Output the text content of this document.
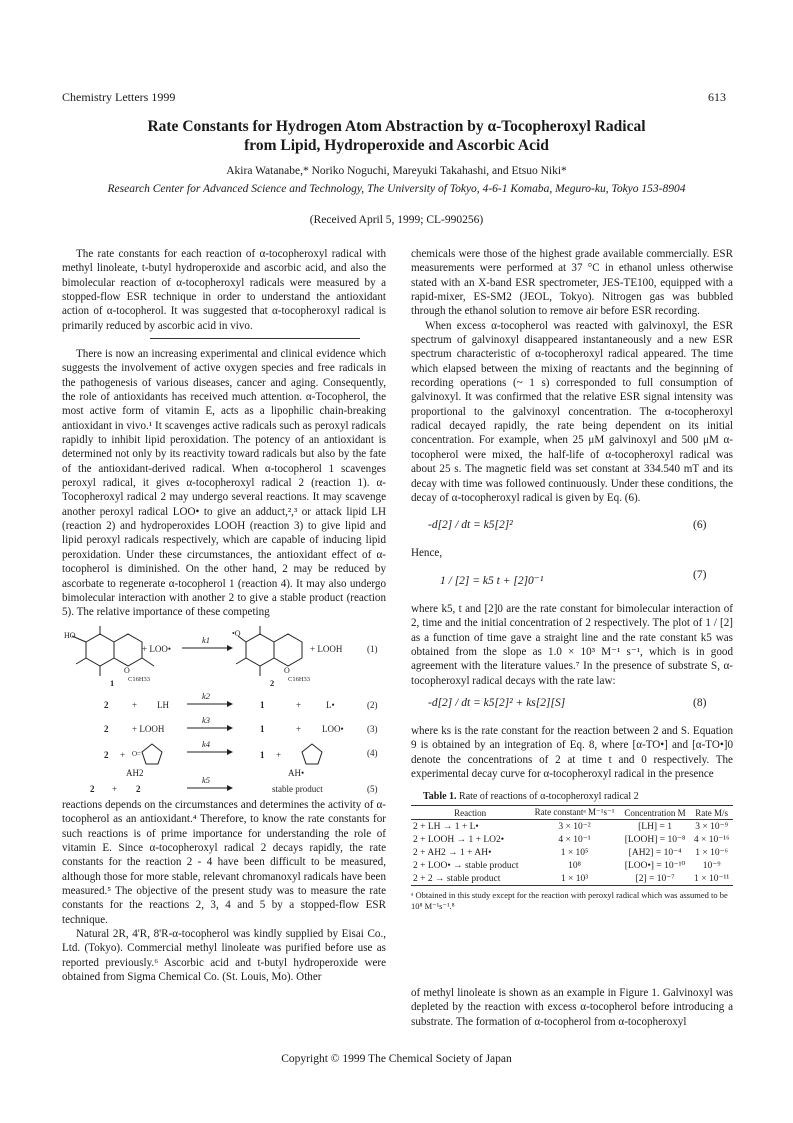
Chemistry Letters 1999	613
Rate Constants for Hydrogen Atom Abstraction by α-Tocopheroxyl Radical
from Lipid, Hydroperoxide and Ascorbic Acid
Akira Watanabe,* Noriko Noguchi, Mareyuki Takahashi, and Etsuo Niki*
Research Center for Advanced Science and Technology, The University of Tokyo, 4-6-1 Komaba, Meguro-ku, Tokyo 153-8904
(Received April 5, 1999; CL-990256)

The rate constants for each reaction of α-tocopheroxyl radical with methyl linoleate, t-butyl hydroperoxide and ascorbic acid, and also the bimolecular reaction of α-tocopheroxyl radicals were measured by a stopped-flow ESR technique in order to understand the antioxidant action of α-tocopherol. It was suggested that α-tocopheroxyl radical is primarily reduced by ascorbic acid in vivo.

There is now an increasing experimental and clinical evidence which suggests the involvement of active oxygen species and free radicals in the pathogenesis of various diseases, cancer and aging. Consequently, the role of antioxidants has received much attention. α-Tocopherol, the most active form of vitamin E, acts as a lipophilic chain-breaking antioxidant in vivo.¹ It scavenges active radicals such as peroxyl radicals rapidly to inhibit lipid peroxidation. The potency of an antioxidant is determined not only by its reactivity toward radicals but also by the fate of the antioxidant-derived radical. When α-tocopherol 1 scavenges peroxyl radical, it gives α-tocopheroxyl radical 2 (reaction 1). α-Tocopheroxyl radical 2 may undergo several reactions. It may scavenge another peroxyl radical LOO• to give an adduct,²,³ or attack lipid LH (reaction 2) and hydroperoxides LOOH (reaction 3) to give lipid and lipid peroxyl radicals respectively, which are capable of inducing lipid peroxidation. Under these circumstances, the antioxidant effect of α-tocopherol is diminished. On the other hand, 2 may be reduced by ascorbate to regenerate α-tocopherol 1 (reaction 4). It may also undergo bimolecular interaction with another 2 to give a stable product (reaction 5). The relative importance of these competing

HO
O
C16H33
1
+ LOO•
k1
•O
O
C16H33
2
+ LOOH	(1)
2	+ LH
k2
1	+	L•	(2)
2	+ LOOH
k3
1	+ LOO•	(3)
2 + O=
AH2
k4
1 +
AH•
(4)
2 + 2
k5
stable product	(5)

reactions depends on the circumstances and determines the activity of α-tocopherol as an antioxidant.⁴ Therefore, to know the rate constants for such reactions is of prime importance for understanding the role of vitamin E. Since α-tocopheroxyl radical 2 decays rapidly, the rate constants for the reaction 2 - 4 have been difficult to be measured, although those for more stable, relevant chromanoxyl radicals have been measured.⁵ The objective of the present study was to measure the rate constants for the reactions 2, 3, 4 and 5 by a stopped-flow ESR technique.

Natural 2R, 4'R, 8'R-α-tocopherol was kindly supplied by Eisai Co., Ltd. (Tokyo). Commercial methyl linoleate was purified before use as reported previously.⁶ Ascorbic acid and t-butyl hydroperoxide were obtained from Sigma Chemical Co. (St. Louis, Mo). Other

chemicals were those of the highest grade available commercially. ESR measurements were performed at 37 °C in ethanol unless otherwise stated with an X-band ESR spectrometer, JES-TE100, equipped with a rapid-mixer, ES-SM2 (JEOL, Tokyo). Nitrogen gas was bubbled through the ethanol solution to remove air before ESR recording.

When excess α-tocopherol was reacted with galvinoxyl, the ESR spectrum of galvinoxyl disappeared instantaneously and a new ESR spectrum characteristic of α-tocopheroxyl radical appeared. The time which elapsed between the mixing of reactants and the beginning of recording operations (~ 1 s) corresponded to full consumption of galvinoxyl. It was confirmed that the relative ESR signal intensity was proportional to the galvinoxyl concentration. The α-tocopheroxyl radical decayed rapidly, the rate being dependent on its initial concentration. For example, when 25 μM galvinoxyl and 500 μM α-tocopherol were mixed, the half-life of α-tocopheroxyl radical was about 25 s. The magnetic field was set constant at 334.540 mT and its decay with time was followed continuously. Under these conditions, the decay of α-tocopheroxyl radical is given by Eq. (6).

-d[2] / dt = k5[2]²	(6)
Hence,
1 / [2] = k5 t + [2]0⁻¹	(7)

where k5, t and [2]0 are the rate constant for bimolecular interaction of 2, time and the initial concentration of 2 respectively. The plot of 1 / [2] as a function of time gave a straight line and the rate constant k5 was obtained from the slope as 1.0 × 10³ M⁻¹ s⁻¹, which is in good agreement with the literature values.⁷ In the presence of substrate S, α-tocopheroxyl radical decays with the rate law:

-d[2] / dt = k5[2]² + ks[2][S]	(8)

where ks is the rate constant for the reaction between 2 and S. Equation 9 is obtained by an integration of Eq. 8, where [α-TO•] and [α-TO•]0 denote the concentrations of 2 at time t and 0 respectively. The experimental decay curve for α-tocopheroxyl radical in the presence

Table 1. Rate of reactions of α-tocopheroxyl radical 2
Reaction	Rate constantᵃ M⁻¹s⁻¹	Concentration M	Rate M/s
2 + LH → 1 + L•	3 × 10⁻²	[LH] = 1	3 × 10⁻⁹
2 + LOOH → 1 + LO2•	4 × 10⁻¹	[LOOH] = 10⁻⁸	4 × 10⁻¹⁶
2 + AH2 → 1 + AH•	1 × 10⁵	[AH2] = 10⁻⁴	1 × 10⁻⁶
2 + LOO• → stable product	10⁸	[LOO•] = 10⁻¹⁰	10⁻⁹
2 + 2 → stable product	1 × 10³	[2] = 10⁻⁷	1 × 10⁻¹¹
ᵃ Obtained in this study except for the reaction with peroxyl radical which was assumed to be 10⁸ M⁻¹s⁻¹.⁸

of methyl linoleate is shown as an example in Figure 1. Galvinoxyl was depleted by the reaction with excess α-tocopherol before introducing a substrate. The formation of α-tocopherol from α-tocopheroxyl

Copyright © 1999 The Chemical Society of Japan
